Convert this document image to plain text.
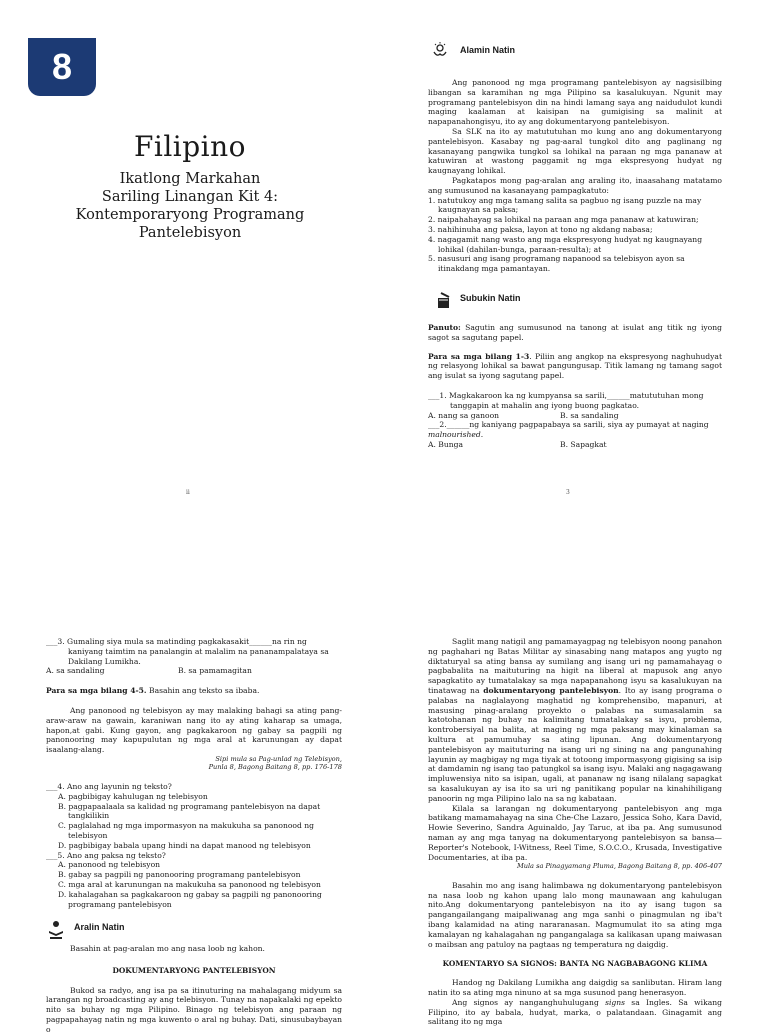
8
Filipino
Ikatlong Markahan
Sariling Linangan Kit 4:
Kontemporaryong Programang
Pantelebisyon
ii
Alamin Natin

Ang panonood ng mga programang pantelebisyon ay nagsisilbing libangan sa karamihan ng mga Pilipino sa kasalukuyan. Ngunit may programang pantelebisyon din na hindi lamang saya ang naidudulot kundi maging kaalaman at kaisipan na gumigising sa malinit at napapanahongisyu, ito ay ang dokumentaryong pantelebisyon.

Sa SLK na ito ay matututuhan mo kung ano ang dokumentaryong pantelebisyon. Kasabay ng pag-aaral tungkol dito ang paglinang ng kasanayang pangwika tungkol sa lohikal na paraan ng mga pananaw at katuwiran at wastong paggamit ng mga ekspresyong hudyat ng kaugnayang lohikal.

Pagkatapos mong pag-aralan ang araling ito, inaasahang matatamo ang sumusunod na kasanayang pampagkatuto:

1. natutukoy ang mga tamang salita sa pagbuo ng isang puzzle na may kaugnayan sa paksa;
2. naipahahayag sa lohikal na paraan ang mga pananaw at katuwiran;
3. nahihinuha ang paksa, layon at tono ng akdang nabasa;
4. nagagamit nang wasto ang mga ekspresyong hudyat ng kaugnayang lohikal (dahilan-bunga, paraan-resulta); at
5. nasusuri ang isang programang napanood sa telebisyon ayon sa itinakdang mga pamantayan.
Subukin Natin

Panuto: Sagutin ang sumusunod na tanong at isulat ang titik ng iyong sagot sa sagutang papel.

Para sa mga bilang 1-3. Piliin ang angkop na ekspresyong naghuhudyat ng relasyong lohikal sa bawat pangungusap. Titik lamang ng tamang sagot ang isulat sa iyong sagutang papel.

___1. Magkakaroon ka ng kumpyansa sa sarili,______matututuhan mong tanggapin at mahalin ang iyong buong pagkatao.

A. nang sa ganoon	B. sa sandaling

___2.______ng kaniyang pagpapabaya sa sarili, siya ay pumayat at naging

malnourished.

A. Bunga	B. Sapagkat

3

___3. Gumaling siya mula sa matinding pagkakasakit______na rin ng kaniyang taimtim na panalangin at malalim na pananampalataya sa Dakilang Lumikha.

A. sa sandaling	B. sa pamamagitan

Para sa mga bilang 4-5. Basahin ang teksto sa ibaba.

Ang panonood ng telebisyon ay may malaking bahagi sa ating pang-araw-araw na gawain, karaniwan nang ito ay ating kaharap sa umaga, hapon,at gabi. Kung gayon, ang pagkakaroon ng gabay sa pagpili ng panonooring may kapupulutan ng mga aral at karunungan ay dapat isaalang-alang.

Sipi mula sa Pag-unlad ng Telebisyon,

Punla 8, Bagong Baitang 8, pp. 176-178

___4. Ano ang layunin ng teksto?

A. pagbibigay kahulugan ng telebisyon
B. pagpapaalaala sa kalidad ng programang pantelebisyon na dapat tangkilikin
C. paglalahad ng mga impormasyon na makukuha sa panonood ng telebisyon
D. pagbibigay babala upang hindi na dapat manood ng telebisyon

___5. Ano ang paksa ng teksto?

A. panonood ng telebisyon
B. gabay sa pagpili ng panonooring programang pantelebisyon
C. mga aral at karunungan na makukuha sa panonood ng telebisyon
D. kahalagahan sa pagkakaroon ng gabay sa pagpili ng panonooring programang pantelebisyon
Aralin Natin

Basahin at pag-aralan mo ang nasa loob ng kahon.

DOKUMENTARYONG PANTELEBISYON

Bukod sa radyo, ang isa pa sa itinuturing na mahalagang midyum sa larangan ng broadcasting ay ang telebisyon. Tunay na napakalaki ng epekto nito sa buhay ng mga Pilipino. Binago ng telebisyon ang paraan ng pagpapahayag natin ng mga kuwento o aral ng buhay. Dati, sinusubaybayan o

Saglit mang natigil ang pamamayagpag ng telebisyon noong panahon ng paghahari ng Batas Militar ay sinasabing nang matapos ang yugto ng diktaturyal sa ating bansa ay sumilang ang isang uri ng pamamahayag o pagbabalita na maituturing na higit na liberal at mapusok ang anyo sapagkatito ay tumatalakay sa mga napapanahong isyu sa kasalukuyan na tinatawag na dokumentaryong pantelebisyon. Ito ay isang programa o palabas na naglalayong maghatid ng komprehensibo, mapanuri, at masusing pinag-aralang proyekto o palabas na sumasalamin sa katotohanan ng buhay na kalimitang tumatalakay sa isyu, problema, kontrobersiyal na balita, at maging ng mga paksang may kinalaman sa kultura at pamumuhay sa ating lipunan. Ang dokumentaryong pantelebisyon ay maituturing na isang uri ng sining na ang pangunahing layunin ay magbigay ng mga tiyak at totoong impormasyong gigising sa isip at damdamin ng isang tao patungkol sa isang isyu. Malaki ang nagagawang impluwensiya nito sa isipan, ugali, at pananaw ng isang nilalang sapagkat sa kasalukuyan ay isa ito sa uri ng panitikang popular na kinahihiligang panoorin ng mga Pilipino lalo na sa ng kabataan.

Kilala sa larangan ng dokumentaryong pantelebisyon ang mga batikang mamamahayag na sina Che-Che Lazaro, Jessica Soho, Kara David, Howie Severino, Sandra Aguinaldo, Jay Taruc, at iba pa. Ang sumusunod naman ay ang mga tanyag na dokumentaryong pantelebisyon sa bansa—Reporter's Notebook, I-Witness, Reel Time, S.O.C.O., Krusada, Investigative Documentaries, at iba pa.

Mula sa Pinagyamang Pluma, Bagong Baitang 8, pp. 406-407

Basahin mo ang isang halimbawa ng dokumentaryong pantelebisyon na nasa loob ng kahon upang lalo mong maunawaan ang kahulugan nito.Ang dokumentaryong pantelebisyon na ito ay isang tugon sa pangangailangang maipaliwanag ang mga sanhi o pinagmulan ng iba't ibang kalamidad na ating nararanasan. Magmumulat ito sa ating mga kamalayan ng kahalagahan ng pangangalaga sa kalikasan upang maiwasan o maibsan ang patuloy na pagtaas ng temperatura ng daigdig.

KOMENTARYO SA SIGNOS: BANTA NG NAGBABAGONG KLIMA

Handog ng Dakilang Lumikha ang daigdig sa sanlibutan. Hiram lang natin ito sa ating mga ninuno at sa mga susunod pang henerasyon.

Ang signos ay nanganghuhulugang signs sa Ingles. Sa wikang Filipino, ito ay babala, hudyat, marka, o palatandaan. Ginagamit ang salitang ito ng mga
